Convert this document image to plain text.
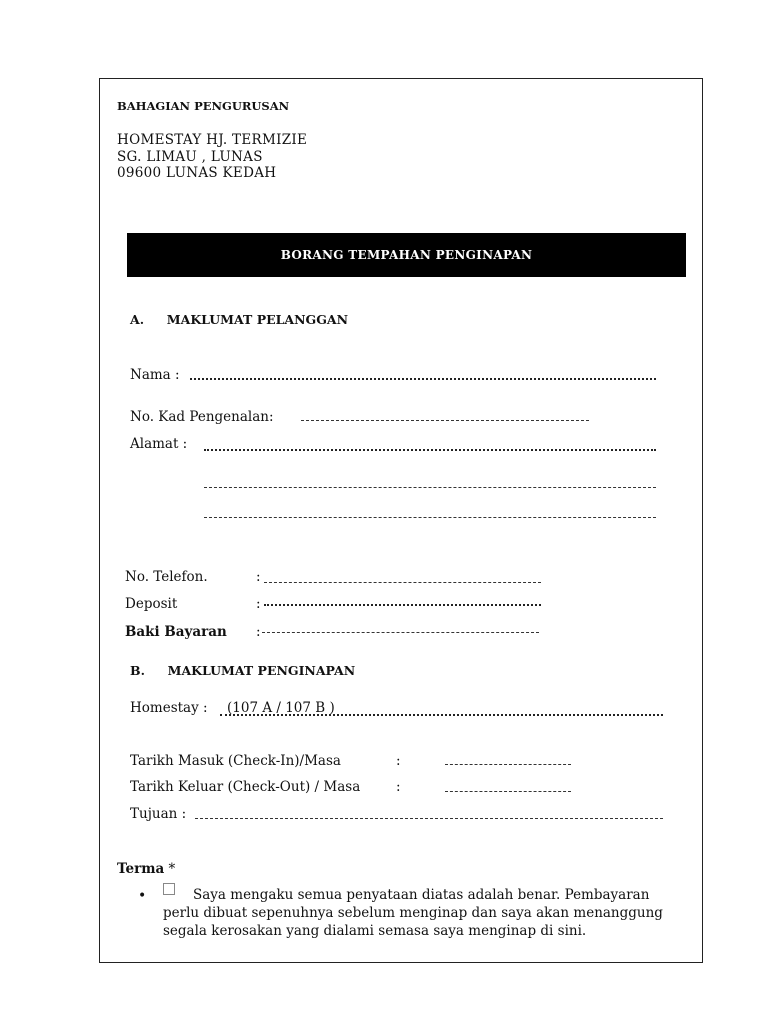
BAHAGIAN PENGURUSAN
HOMESTAY HJ. TERMIZIE
SG. LIMAU , LUNAS
09600 LUNAS KEDAH
BORANG TEMPAHAN PENGINAPAN
A. MAKLUMAT PELANGGAN
Nama :
No. Kad Pengenalan:
Alamat :
No. Telefon.	:
Deposit	:
Baki Bayaran :
B. MAKLUMAT PENGINAPAN
Homestay : (107 A / 107 B )
Tarikh Masuk (Check-In)/Masa	:
Tarikh Keluar (Check-Out) / Masa	:
Tujuan :
Terma *
•	Saya mengaku semua penyataan diatas adalah benar. Pembayaran perlu dibuat sepenuhnya sebelum menginap dan saya akan menanggung segala kerosakan yang dialami semasa saya menginap di sini.
